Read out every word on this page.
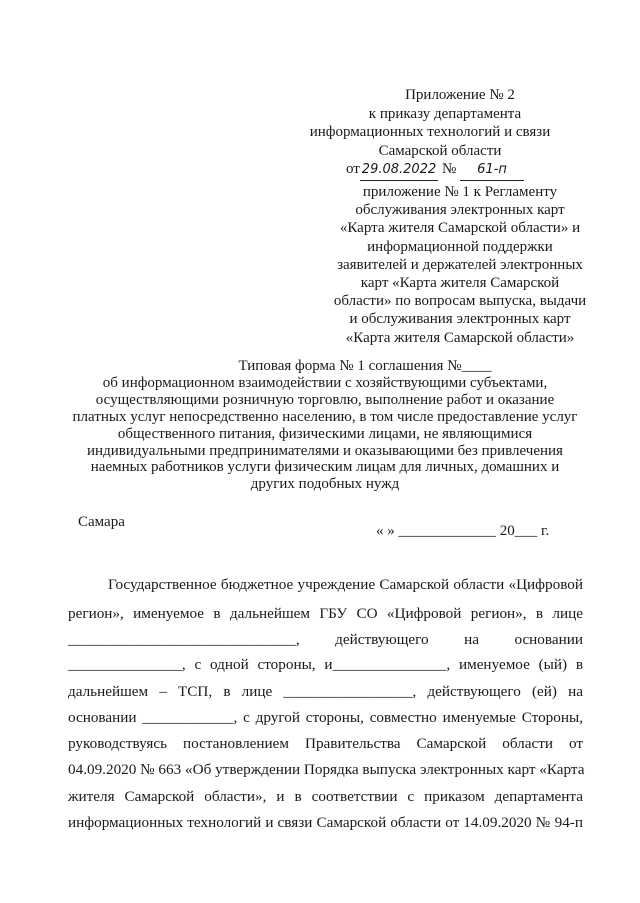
Приложение № 2
к приказу департамента
информационных технологий и связи
Самарской области
от 29.08.2022 № 61-п
приложение № 1 к Регламенту
обслуживания электронных карт
«Карта жителя Самарской области» и
информационной поддержки
заявителей и держателей электронных
карт «Карта жителя Самарской
области» по вопросам выпуска, выдачи
и обслуживания электронных карт
«Карта жителя Самарской области»
Типовая форма № 1 соглашения №____
об информационном взаимодействии с хозяйствующими субъектами,
осуществляющими розничную торговлю, выполнение работ и оказание
платных услуг непосредственно населению, в том числе предоставление услуг
общественного питания, физическими лицами, не являющимися
индивидуальными предпринимателями и оказывающими без привлечения
наемных работников услуги физическим лицам для личных, домашних и
других подобных нужд
Самара
« » _____________ 20___ г.
Государственное бюджетное учреждение Самарской области «Цифровой
регион», именуемое в дальнейшем ГБУ СО «Цифровой регион», в лице
______________________________, действующего на основании
_______________, с одной стороны, и_______________, именуемое (ый) в
дальнейшем – ТСП, в лице _________________, действующего (ей) на
основании ____________, с другой стороны, совместно именуемые Стороны,
руководствуясь постановлением Правительства Самарской области от
04.09.2020 № 663 «Об утверждении Порядка выпуска электронных карт «Карта
жителя Самарской области», и в соответствии с приказом департамента
информационных технологий и связи Самарской области от 14.09.2020 № 94-п
